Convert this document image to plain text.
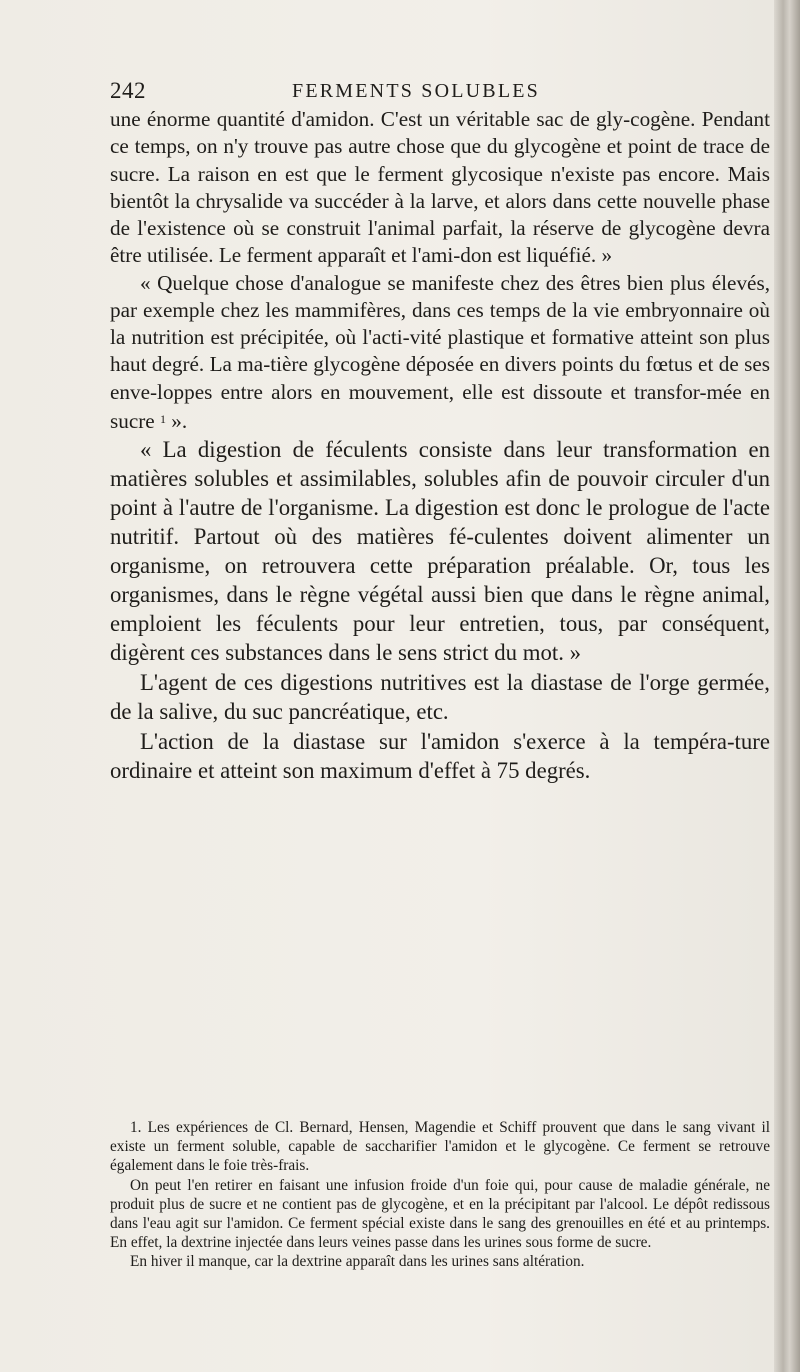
242	FERMENTS SOLUBLES

une énorme quantité d'amidon. C'est un véritable sac de gly-cogène. Pendant ce temps, on n'y trouve pas autre chose que du glycogène et point de trace de sucre. La raison en est que le ferment glycosique n'existe pas encore. Mais bientôt la chrysalide va succéder à la larve, et alors dans cette nouvelle phase de l'existence où se construit l'animal parfait, la réserve de glycogène devra être utilisée. Le ferment apparaît et l'ami-don est liquéfié. »

« Quelque chose d'analogue se manifeste chez des êtres bien plus élevés, par exemple chez les mammifères, dans ces temps de la vie embryonnaire où la nutrition est précipitée, où l'acti-vité plastique et formative atteint son plus haut degré. La ma-tière glycogène déposée en divers points du fœtus et de ses enve-loppes entre alors en mouvement, elle est dissoute et transfor-mée en sucre $^1$ ».

« La digestion de féculents consiste dans leur transformation en matières solubles et assimilables, solubles afin de pouvoir circuler d'un point à l'autre de l'organisme. La digestion est donc le prologue de l'acte nutritif. Partout où des matières fé-culentes doivent alimenter un organisme, on retrouvera cette préparation préalable. Or, tous les organismes, dans le règne végétal aussi bien que dans le règne animal, emploient les féculents pour leur entretien, tous, par conséquent, digèrent ces substances dans le sens strict du mot. »

L'agent de ces digestions nutritives est la diastase de l'orge germée, de la salive, du suc pancréatique, etc.

L'action de la diastase sur l'amidon s'exerce à la tempéra-ture ordinaire et atteint son maximum d'effet à 75 degrés.

1. Les expériences de Cl. Bernard, Hensen, Magendie et Schiff prouvent que dans le sang vivant il existe un ferment soluble, capable de saccharifier l'amidon et le glycogène. Ce ferment se retrouve également dans le foie très-frais.

On peut l'en retirer en faisant une infusion froide d'un foie qui, pour cause de maladie générale, ne produit plus de sucre et ne contient pas de glycogène, et en la précipitant par l'alcool. Le dépôt redissous dans l'eau agit sur l'amidon. Ce ferment spécial existe dans le sang des grenouilles en été et au printemps. En effet, la dextrine injectée dans leurs veines passe dans les urines sous forme de sucre.

En hiver il manque, car la dextrine apparaît dans les urines sans altération.
